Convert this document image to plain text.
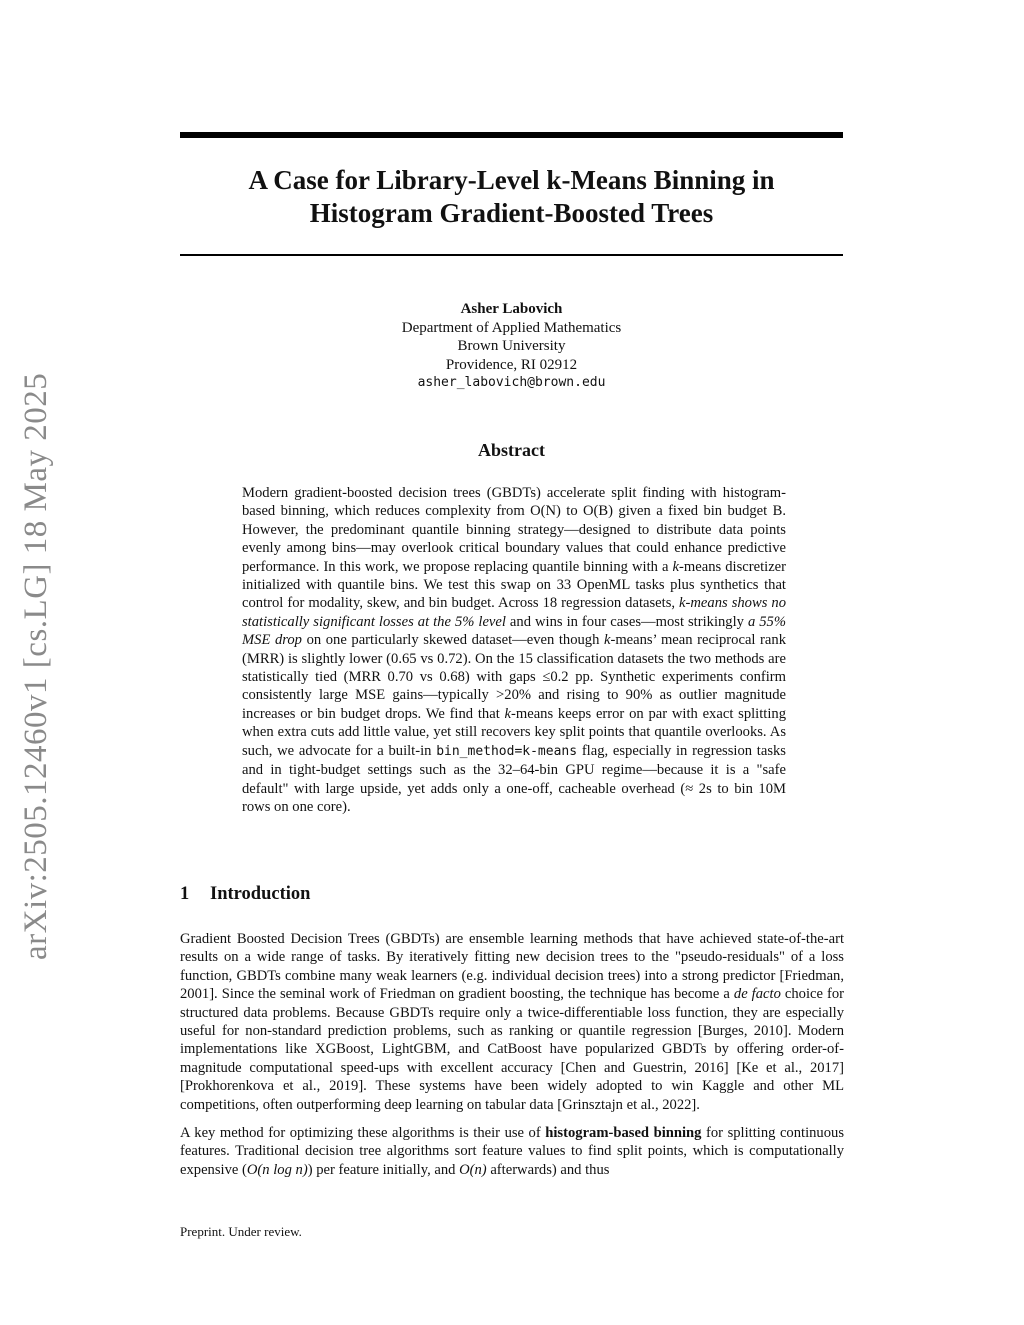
arXiv:2505.12460v1 [cs.LG] 18 May 2025
A Case for Library-Level k-Means Binning in
Histogram Gradient-Boosted Trees
Asher Labovich
Department of Applied Mathematics
Brown University
Providence, RI 02912
asher_labovich@brown.edu
Abstract
Modern gradient-boosted decision trees (GBDTs) accelerate split finding with histogram-based binning, which reduces complexity from O(N) to O(B) given a fixed bin budget B. However, the predominant quantile binning strategy—designed to distribute data points evenly among bins—may overlook critical boundary values that could enhance predictive performance. In this work, we propose replacing quantile binning with a k-means discretizer initialized with quantile bins. We test this swap on 33 OpenML tasks plus synthetics that control for modality, skew, and bin budget. Across 18 regression datasets, k-means shows no statistically significant losses at the 5% level and wins in four cases—most strikingly a 55% MSE drop on one particularly skewed dataset—even though k-means’ mean reciprocal rank (MRR) is slightly lower (0.65 vs 0.72). On the 15 classification datasets the two methods are statistically tied (MRR 0.70 vs 0.68) with gaps ≤0.2 pp. Synthetic experiments confirm consistently large MSE gains—typically >20% and rising to 90% as outlier magnitude increases or bin budget drops. We find that k-means keeps error on par with exact splitting when extra cuts add little value, yet still recovers key split points that quantile overlooks. As such, we advocate for a built-in bin_method=k-means flag, especially in regression tasks and in tight-budget settings such as the 32–64-bin GPU regime—because it is a "safe default" with large upside, yet adds only a one-off, cacheable overhead (≈ 2s to bin 10M rows on one core).
1 Introduction

Gradient Boosted Decision Trees (GBDTs) are ensemble learning methods that have achieved state-of-the-art results on a wide range of tasks. By iteratively fitting new decision trees to the "pseudo-residuals" of a loss function, GBDTs combine many weak learners (e.g. individual decision trees) into a strong predictor [Friedman, 2001]. Since the seminal work of Friedman on gradient boosting, the technique has become a de facto choice for structured data problems. Because GBDTs require only a twice-differentiable loss function, they are especially useful for non-standard prediction problems, such as ranking or quantile regression [Burges, 2010]. Modern implementations like XGBoost, LightGBM, and CatBoost have popularized GBDTs by offering order-of-magnitude computational speed-ups with excellent accuracy [Chen and Guestrin, 2016] [Ke et al., 2017] [Prokhorenkova et al., 2019]. These systems have been widely adopted to win Kaggle and other ML competitions, often outperforming deep learning on tabular data [Grinsztajn et al., 2022].

A key method for optimizing these algorithms is their use of histogram-based binning for splitting continuous features. Traditional decision tree algorithms sort feature values to find split points, which is computationally expensive (O(n log n)) per feature initially, and O(n) afterwards) and thus

Preprint. Under review.
